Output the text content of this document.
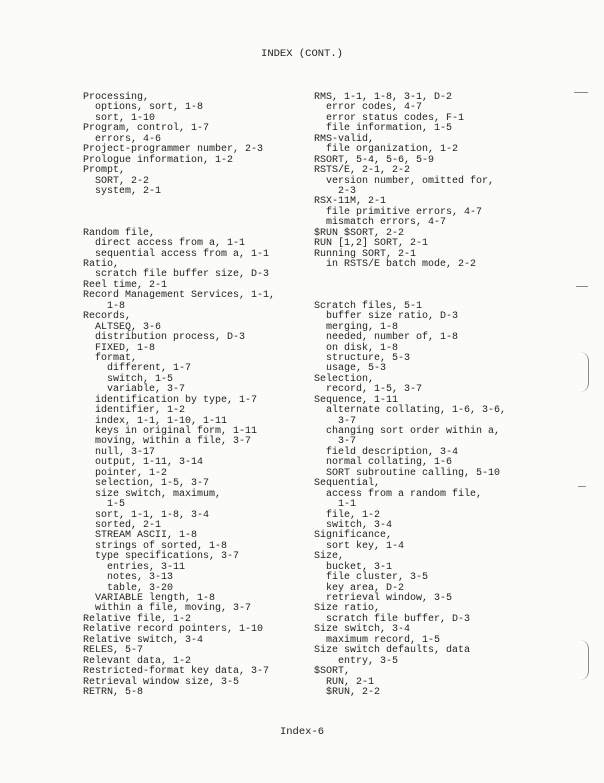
INDEX (CONT.)
Processing,
options, sort, 1-8
sort, 1-10
Program, control, 1-7
errors, 4-6
Project-programmer number, 2-3
Prologue information, 1-2
Prompt,
SORT, 2-2
system, 2-1
Random file,
direct access from a, 1-1
sequential access from a, 1-1
Ratio,
scratch file buffer size, D-3
Reel time, 2-1
Record Management Services, 1-1,
1-8
Records,
ALTSEQ, 3-6
distribution process, D-3
FIXED, 1-8
format,
different, 1-7
switch, 1-5
variable, 3-7
identification by type, 1-7
identifier, 1-2
index, 1-1, 1-10, 1-11
keys in original form, 1-11
moving, within a file, 3-7
null, 3-17
output, 1-11, 3-14
pointer, 1-2
selection, 1-5, 3-7
size switch, maximum,
1-5
sort, 1-1, 1-8, 3-4
sorted, 2-1
STREAM ASCII, 1-8
strings of sorted, 1-8
type specifications, 3-7
entries, 3-11
notes, 3-13
table, 3-20
VARIABLE length, 1-8
within a file, moving, 3-7
Relative file, 1-2
Relative record pointers, 1-10
Relative switch, 3-4
RELES, 5-7
Relevant data, 1-2
Restricted-format key data, 3-7
Retrieval window size, 3-5
RETRN, 5-8
RMS, 1-1, 1-8, 3-1, D-2
error codes, 4-7
error status codes, F-1
file information, 1-5
RMS-valid,
file organization, 1-2
RSORT, 5-4, 5-6, 5-9
RSTS/E, 2-1, 2-2
version number, omitted for,
2-3
RSX-11M, 2-1
file primitive errors, 4-7
mismatch errors, 4-7
$RUN $SORT, 2-2
RUN [1,2] SORT, 2-1
Running SORT, 2-1
in RSTS/E batch mode, 2-2
Scratch files, 5-1
buffer size ratio, D-3
merging, 1-8
needed, number of, 1-8
on disk, 1-8
structure, 5-3
usage, 5-3
Selection,
record, 1-5, 3-7
Sequence, 1-11
alternate collating, 1-6, 3-6,
3-7
changing sort order within a,
3-7
field description, 3-4
normal collating, 1-6
SORT subroutine calling, 5-10
Sequential,
access from a random file,
1-1
file, 1-2
switch, 3-4
Significance,
sort key, 1-4
Size,
bucket, 3-1
file cluster, 3-5
key area, D-2
retrieval window, 3-5
Size ratio,
scratch file buffer, D-3
Size switch, 3-4
maximum record, 1-5
Size switch defaults, data
entry, 3-5
$SORT,
RUN, 2-1
$RUN, 2-2
Index-6
